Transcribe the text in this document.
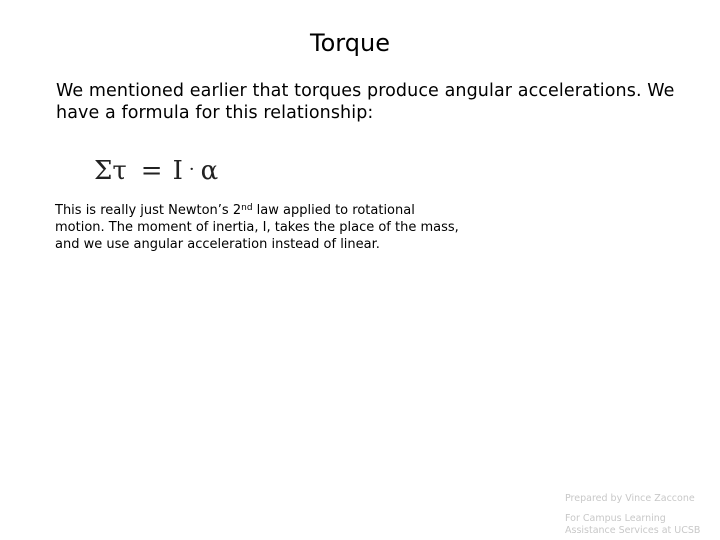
Torque
We mentioned earlier that torques produce angular accelerations. We have a formula for this relationship:
Στ = I · α
This is really just Newton’s 2nd law applied to rotational motion. The moment of inertia, I, takes the place of the mass, and we use angular acceleration instead of linear.
Prepared by Vince Zaccone
For Campus Learning Assistance Services at UCSB
